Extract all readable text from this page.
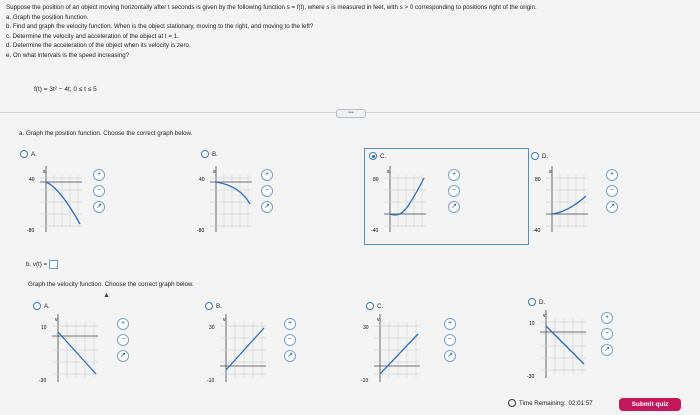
Suppose the position of an object moving horizontally after t seconds is given by the following function s = f(t), where s is measured in feet, with s > 0 corresponding to positions right of the origin.
a. Graph the position function.
b. Find and graph the velocity function. When is the object stationary, moving to the right, and moving to the left?
c. Determine the velocity and acceleration of the object at t = 1.
d. Determine the acceleration of the object when its velocity is zero.
e. On what intervals is the speed increasing?
f(t) = 3t² − 4t; 0 ≤ t ≤ 5
•••
a. Graph the position function. Choose the correct graph below.
A.	B.	C.	D.
40
-80
s
40
-80
s
80
-40
s
80
-40
s
+
−
↗
+
−
↗
+
−
↗
+
−
↗
b. v(t) =
Graph the velocity function. Choose the correct graph below.
▲
A.	B.	C.
D.
10
-30
v
30
-10
v
30
-10
v
10
-30
v
+
−
↗
+
−
↗
+
−
↗
+
−
↗
Time Remaining: 02:01:57	Submit quiz
